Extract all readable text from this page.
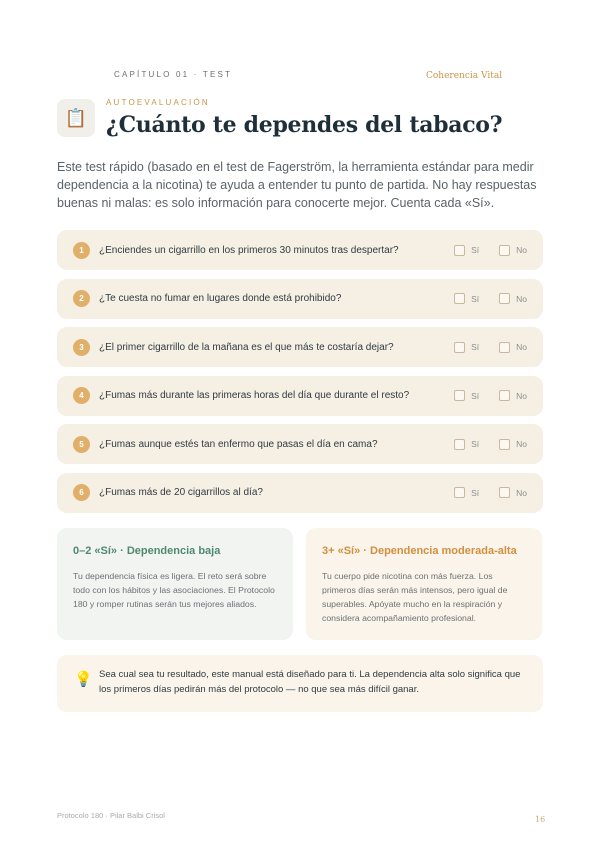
CAPÍTULO 01 · TEST	Coherencia Vital
📋
AUTOEVALUACIÓN
¿Cuánto te dependes del tabaco?

Este test rápido (basado en el test de Fagerström, la herramienta estándar para medir dependencia a la nicotina) te ayuda a entender tu punto de partida. No hay respuestas buenas ni malas: es solo información para conocerte mejor. Cuenta cada «Sí».

1	¿Enciendes un cigarrillo en los primeros 30 minutos tras despertar?	Sí	No
2	¿Te cuesta no fumar en lugares donde está prohibido?	Sí	No
3	¿El primer cigarrillo de la mañana es el que más te costaría dejar?	Sí	No
4	¿Fumas más durante las primeras horas del día que durante el resto?	Sí	No
5	¿Fumas aunque estés tan enfermo que pasas el día en cama?	Sí	No
6	¿Fumas más de 20 cigarrillos al día?	Sí	No
0–2 «Sí» · Dependencia baja

Tu dependencia física es ligera. El reto será sobre todo con los hábitos y las asociaciones. El Protocolo 180 y romper rutinas serán tus mejores aliados.

3+ «Sí» · Dependencia moderada-alta

Tu cuerpo pide nicotina con más fuerza. Los primeros días serán más intensos, pero igual de superables. Apóyate mucho en la respiración y considera acompañamiento profesional.

💡 Sea cual sea tu resultado, este manual está diseñado para ti. La dependencia alta solo significa que los primeros días pedirán más del protocolo — no que sea más difícil ganar.

Protocolo 180 · Pilar Balbi Crisol	16
